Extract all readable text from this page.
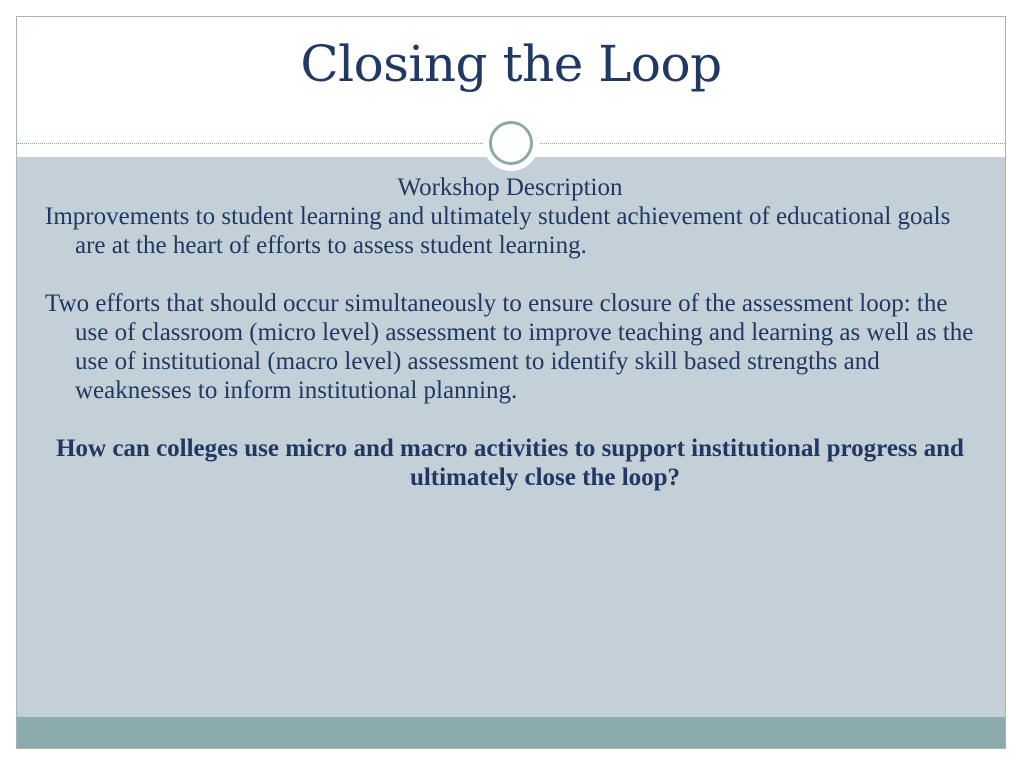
Closing the Loop

Workshop Description

Improvements to student learning and ultimately student achievement of educational goals are at the heart of efforts to assess student learning.

Two efforts that should occur simultaneously to ensure closure of the assessment loop: the use of classroom (micro level) assessment to improve teaching and learning as well as the use of institutional (macro level) assessment to identify skill based strengths and weaknesses to inform institutional planning.

How can colleges use micro and macro activities to support institutional progress and ultimately close the loop?
